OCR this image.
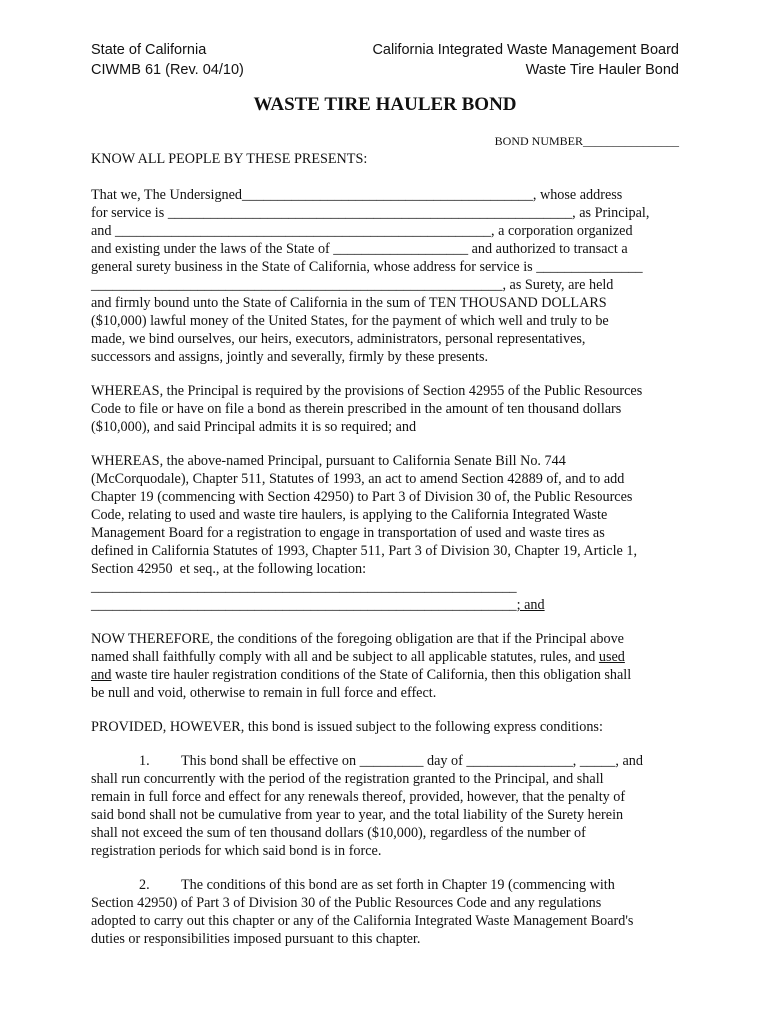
State of California
CIWMB 61 (Rev. 04/10)
California Integrated Waste Management Board
Waste Tire Hauler Bond
WASTE TIRE HAULER BOND
BOND NUMBER________________

KNOW ALL PEOPLE BY THESE PRESENTS:

That we, The Undersigned_________________________________________, whose address
for service is _________________________________________________________, as Principal,
and _____________________________________________________, a corporation organized
and existing under the laws of the State of ___________________ and authorized to transact a
general surety business in the State of California, whose address for service is _______________
__________________________________________________________, as Surety, are held
and firmly bound unto the State of California in the sum of TEN THOUSAND DOLLARS
($10,000) lawful money of the United States, for the payment of which well and truly to be
made, we bind ourselves, our heirs, executors, administrators, personal representatives,
successors and assigns, jointly and severally, firmly by these presents.

WHEREAS, the Principal is required by the provisions of Section 42955 of the Public Resources
Code to file or have on file a bond as therein prescribed in the amount of ten thousand dollars
($10,000), and said Principal admits it is so required; and

WHEREAS, the above-named Principal, pursuant to California Senate Bill No. 744
(McCorquodale), Chapter 511, Statutes of 1993, an act to amend Section 42889 of, and to add
Chapter 19 (commencing with Section 42950) to Part 3 of Division 30 of, the Public Resources
Code, relating to used and waste tire haulers, is applying to the California Integrated Waste
Management Board for a registration to engage in transportation of used and waste tires as
defined in California Statutes of 1993, Chapter 511, Part 3 of Division 30, Chapter 19, Article 1,
Section 42950  et seq., at the following location:
____________________________________________________________
____________________________________________________________; and

NOW THEREFORE, the conditions of the foregoing obligation are that if the Principal above
named shall faithfully comply with all and be subject to all applicable statutes, rules, and used
and waste tire hauler registration conditions of the State of California, then this obligation shall
be null and void, otherwise to remain in full force and effect.

PROVIDED, HOWEVER, this bond is issued subject to the following express conditions:

1. This bond shall be effective on _________ day of _______________, _____, and
shall run concurrently with the period of the registration granted to the Principal, and shall
remain in full force and effect for any renewals thereof, provided, however, that the penalty of
said bond shall not be cumulative from year to year, and the total liability of the Surety herein
shall not exceed the sum of ten thousand dollars ($10,000), regardless of the number of
registration periods for which said bond is in force.

2. The conditions of this bond are as set forth in Chapter 19 (commencing with
Section 42950) of Part 3 of Division 30 of the Public Resources Code and any regulations
adopted to carry out this chapter or any of the California Integrated Waste Management Board's
duties or responsibilities imposed pursuant to this chapter.
